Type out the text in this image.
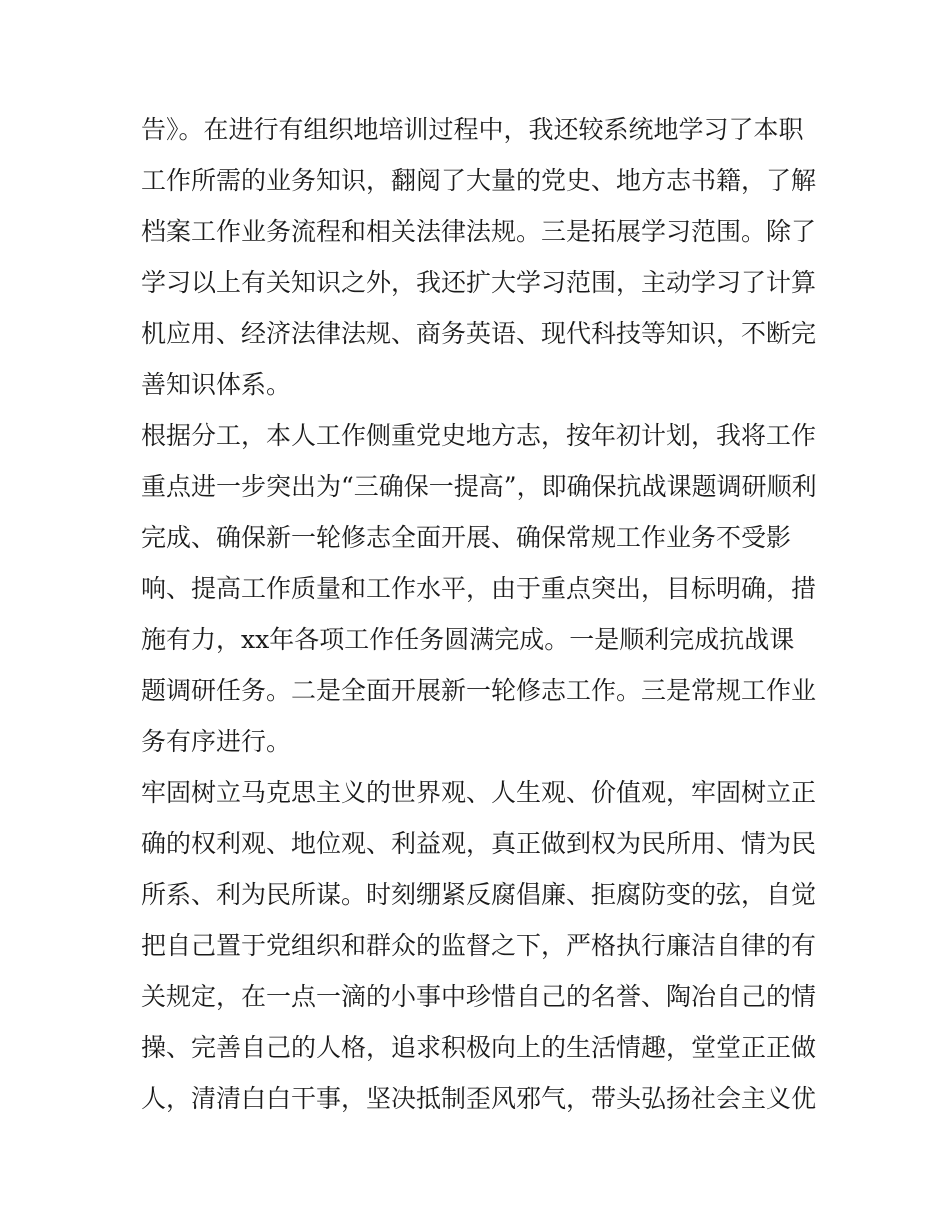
告》。在进行有组织地培训过程中，我还较系统地学习了本职
工作所需的业务知识，翻阅了大量的党史、地方志书籍，了解
档案工作业务流程和相关法律法规。三是拓展学习范围。除了
学习以上有关知识之外，我还扩大学习范围，主动学习了计算
机应用、经济法律法规、商务英语、现代科技等知识，不断完
善知识体系。
根据分工，本人工作侧重党史地方志，按年初计划，我将工作
重点进一步突出为“三确保一提高”，即确保抗战课题调研顺利
完成、确保新一轮修志全面开展、确保常规工作业务不受影
响、提高工作质量和工作水平，由于重点突出，目标明确，措
施有力，xx年各项工作任务圆满完成。一是顺利完成抗战课
题调研任务。二是全面开展新一轮修志工作。三是常规工作业
务有序进行。
牢固树立马克思主义的世界观、人生观、价值观，牢固树立正
确的权利观、地位观、利益观，真正做到权为民所用、情为民
所系、利为民所谋。时刻绷紧反腐倡廉、拒腐防变的弦，自觉
把自己置于党组织和群众的监督之下，严格执行廉洁自律的有
关规定，在一点一滴的小事中珍惜自己的名誉、陶冶自己的情
操、完善自己的人格，追求积极向上的生活情趣，堂堂正正做
人，清清白白干事，坚决抵制歪风邪气，带头弘扬社会主义优
